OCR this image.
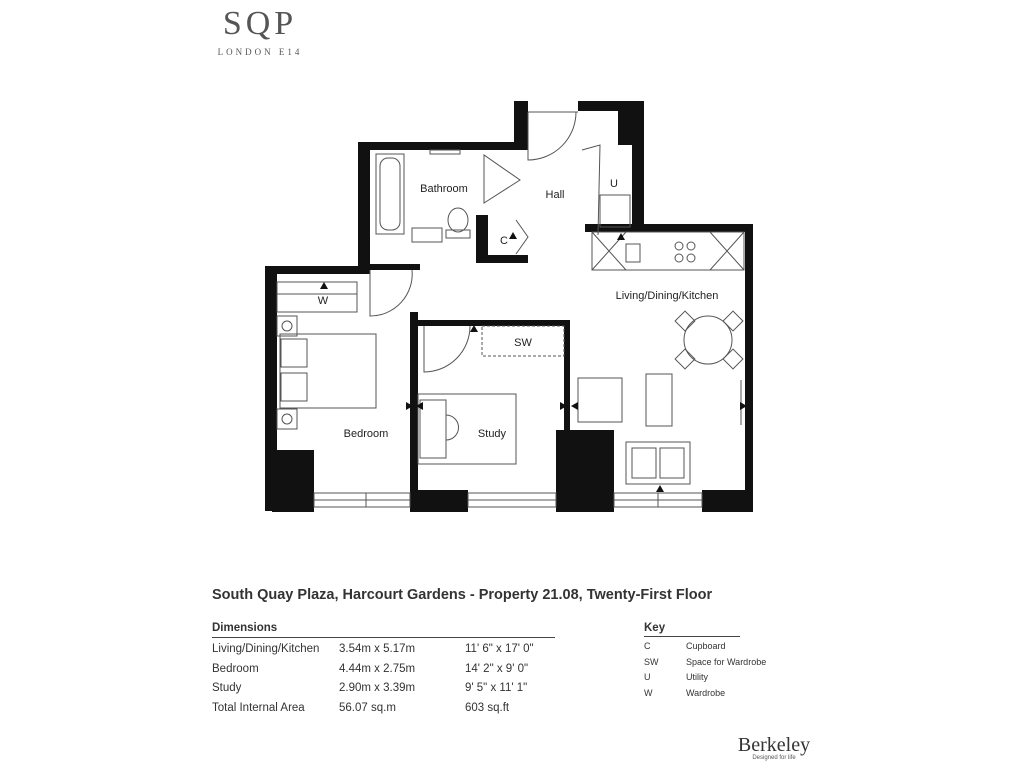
SQP
LONDON E14
Bathroom	Hall
U
C
W
SW
Living/Dining/Kitchen
Bedroom	Study
South Quay Plaza, Harcourt Gardens - Property 21.08, Twenty-First Floor
Dimensions
Living/Dining/Kitchen 3.54m x 5.17m	11' 6" x 17' 0"
Bedroom	4.44m x 2.75m	14' 2" x 9' 0"
Study	2.90m x 3.39m	9' 5" x 11' 1"
Total Internal Area	56.07 sq.m	603 sq.ft
Key
C	Cupboard
SW	Space for Wardrobe
U	Utility
W	Wardrobe
Berkeley
Designed for life
